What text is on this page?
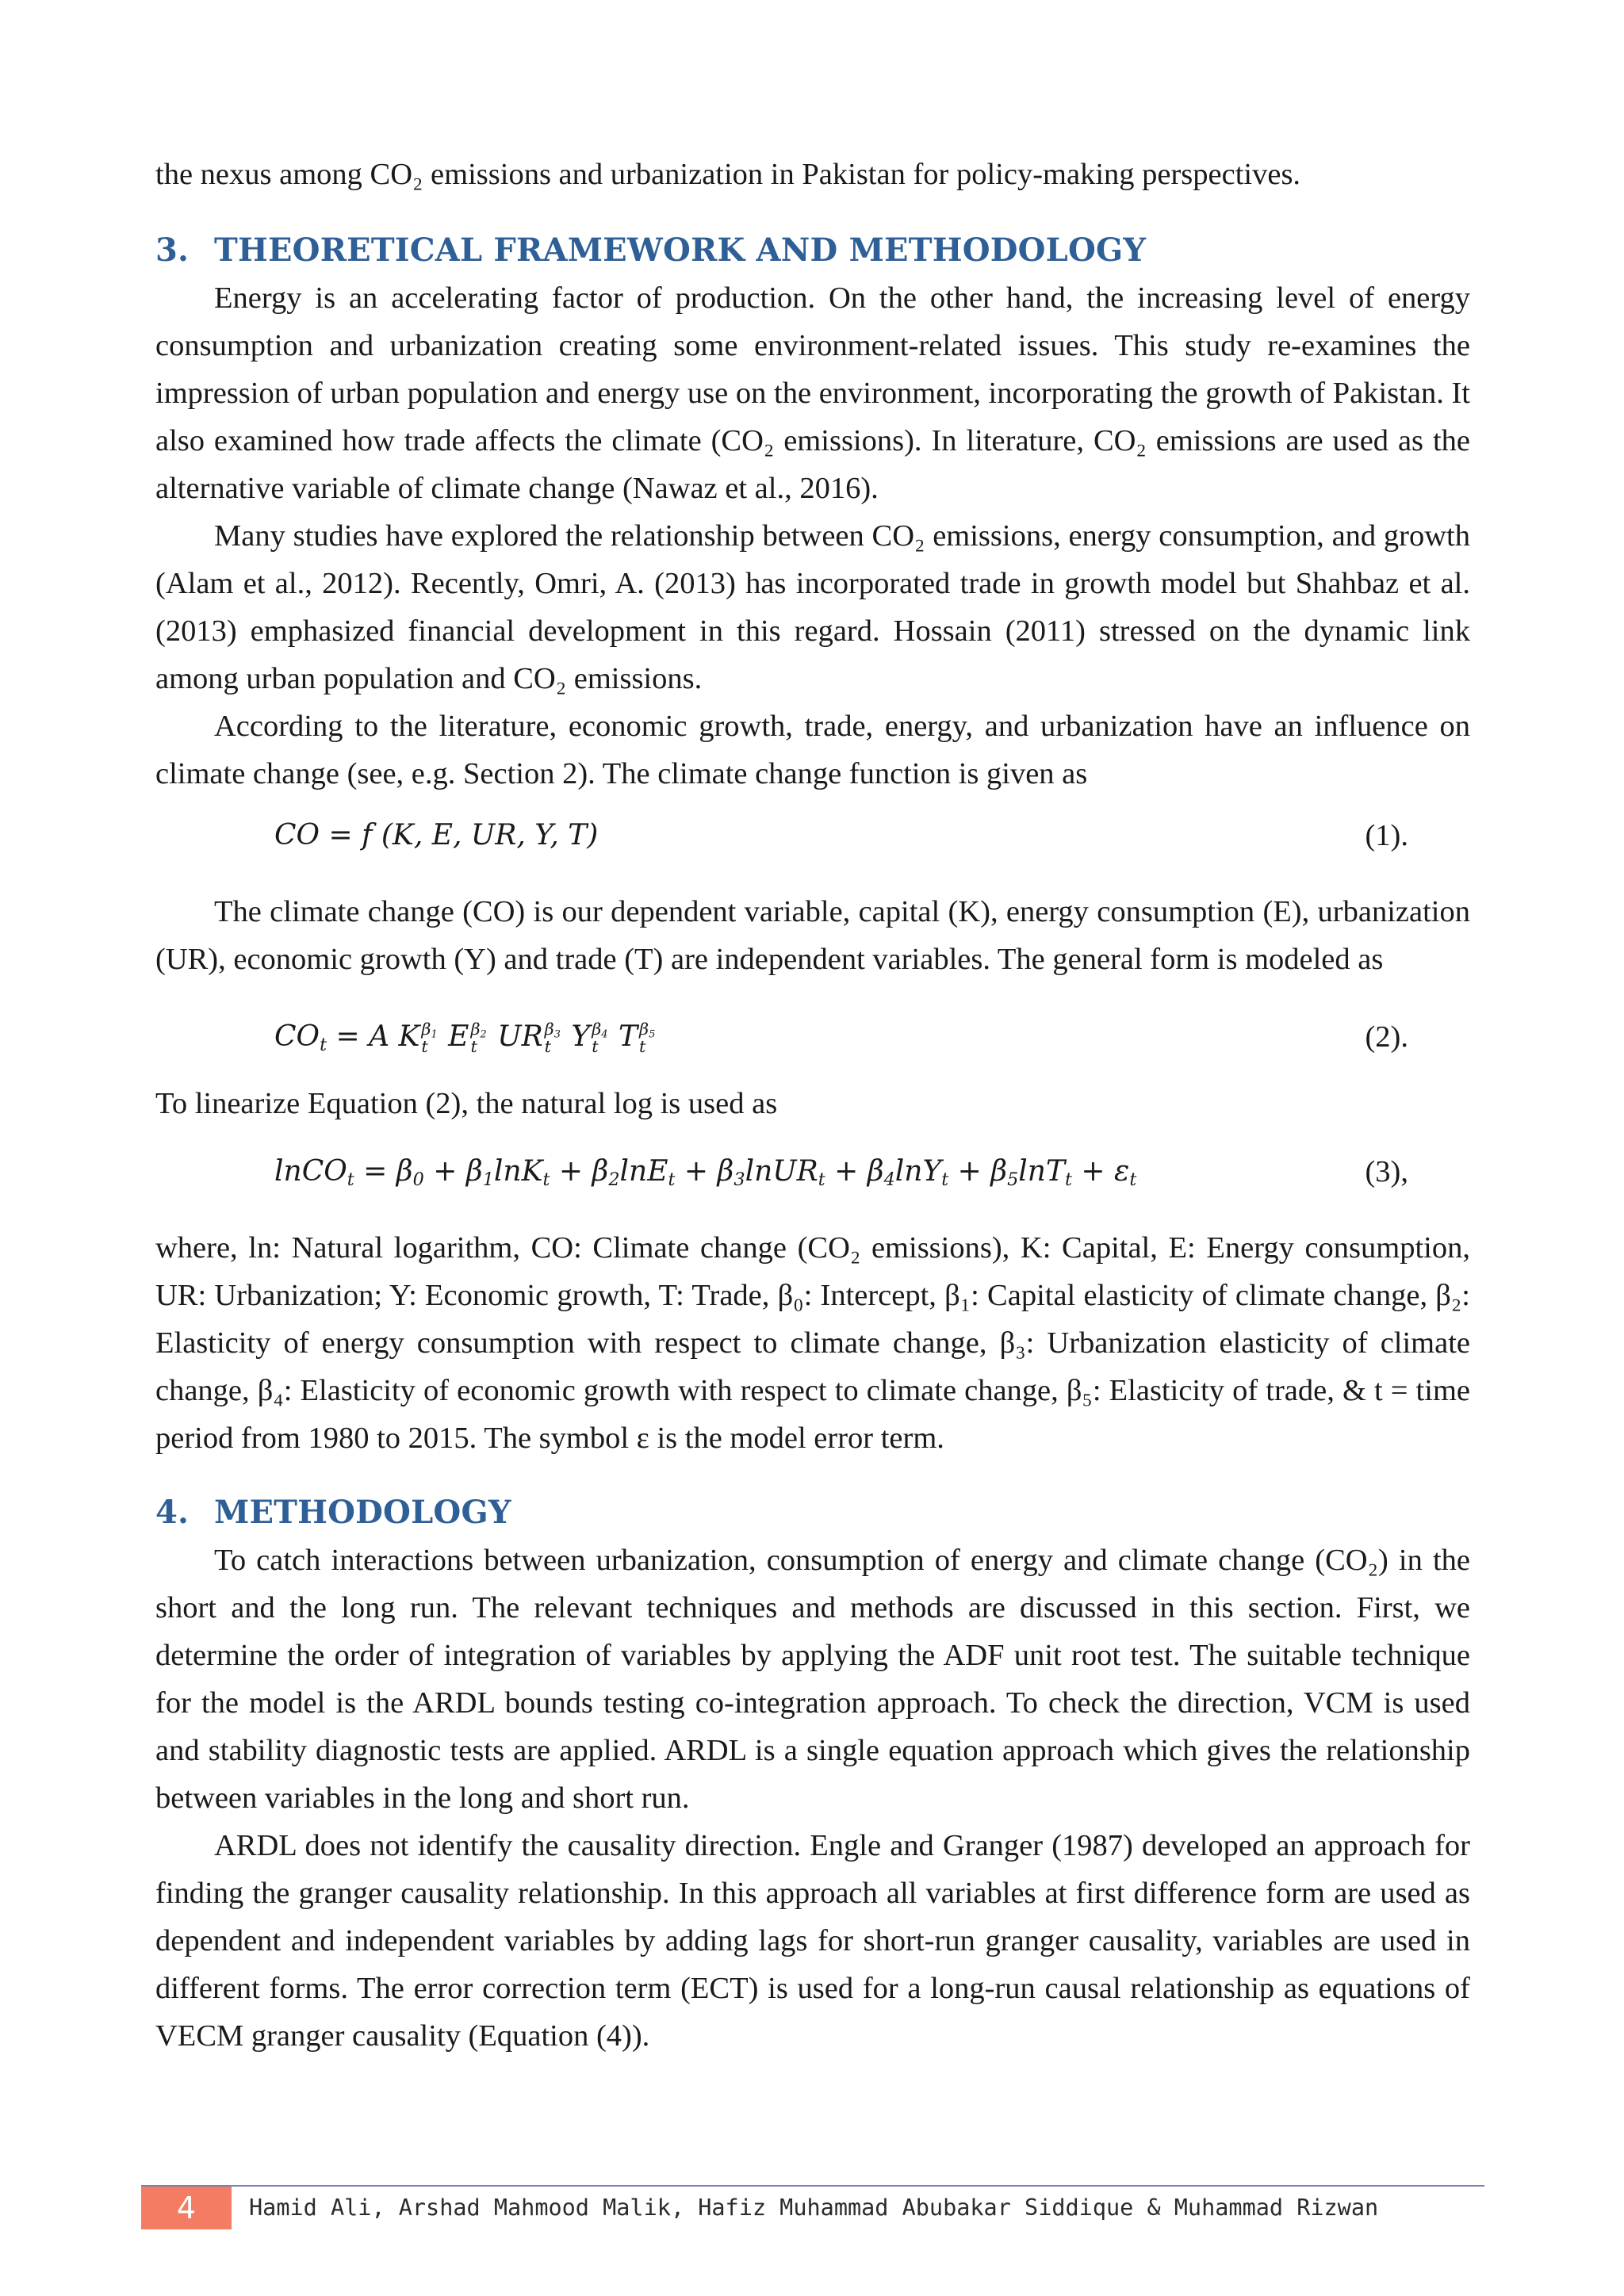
the nexus among CO₂ emissions and urbanization in Pakistan for policy-making perspectives.

3. THEORETICAL FRAMEWORK AND METHODOLOGY

Energy is an accelerating factor of production. On the other hand, the increasing level of energy consumption and urbanization creating some environment-related issues. This study re-examines the impression of urban population and energy use on the environment, incorporating the growth of Pakistan. It also examined how trade affects the climate (CO₂ emissions). In literature, CO₂ emissions are used as the alternative variable of climate change (Nawaz et al., 2016).

Many studies have explored the relationship between CO₂ emissions, energy consumption, and growth (Alam et al., 2012). Recently, Omri, A. (2013) has incorporated trade in growth model but Shahbaz et al. (2013) emphasized financial development in this regard. Hossain (2011) stressed on the dynamic link among urban population and CO₂ emissions.

According to the literature, economic growth, trade, energy, and urbanization have an influence on climate change (see, e.g. Section 2). The climate change function is given as

CO = f (K, E, UR, Y, T)	(1).

The climate change (CO) is our dependent variable, capital (K), energy consumption (E), urbanization (UR), economic growth (Y) and trade (T) are independent variables. The general form is modeled as

$CO_t = A$ K $\beta_1$
t E $\beta_2$
t UR $\beta_3$
t Y $\beta_4$
t T $\beta_5$
t	(2).

To linearize Equation (2), the natural log is used as

lnCO$_t$ = $\beta_0 + \beta_1\ln K_t + \beta_2\ln E_t$ + $\beta_3lnUR_t + \beta_4\ln Y_t + \beta_5\ln T_t + \varepsilon_t$	(3),

where, ln: Natural logarithm, CO: Climate change (CO₂ emissions), K: Capital, E: Energy consumption, UR: Urbanization; Y: Economic growth, T: Trade, β₀: Intercept, β₁: Capital elasticity of climate change, β₂: Elasticity of energy consumption with respect to climate change, β₃: Urbanization elasticity of climate change, β₄: Elasticity of economic growth with respect to climate change, β₅: Elasticity of trade, & t = time period from 1980 to 2015. The symbol ε is the model error term.

4. METHODOLOGY

To catch interactions between urbanization, consumption of energy and climate change (CO₂) in the short and the long run. The relevant techniques and methods are discussed in this section. First, we determine the order of integration of variables by applying the ADF unit root test. The suitable technique for the model is the ARDL bounds testing co-integration approach. To check the direction, VCM is used and stability diagnostic tests are applied. ARDL is a single equation approach which gives the relationship between variables in the long and short run.

ARDL does not identify the causality direction. Engle and Granger (1987) developed an approach for finding the granger causality relationship. In this approach all variables at first difference form are used as dependent and independent variables by adding lags for short-run granger causality, variables are used in different forms. The error correction term (ECT) is used for a long-run causal relationship as equations of VECM granger causality (Equation (4)).

4	Hamid Ali, Arshad Mahmood Malik, Hafiz Muhammad Abubakar Siddique & Muhammad Rizwan
